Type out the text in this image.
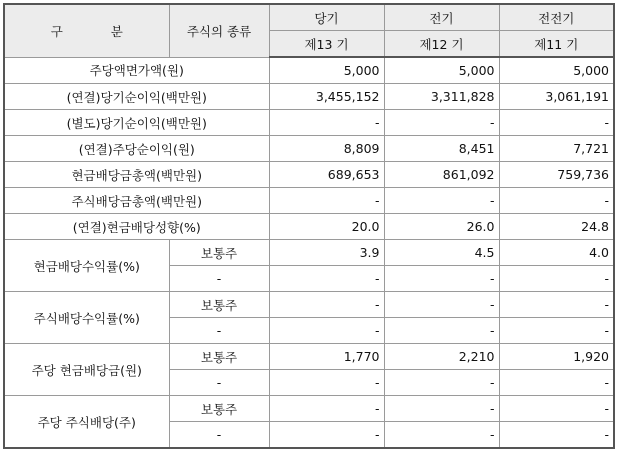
구 분	주식의 종류	당기	전기	전전기
		제13 기	제12 기	제11 기
주당액면가액(원)		5,000	5,000	5,000
(연결)당기순이익(백만원)		3,455,152	3,311,828	3,061,191
(별도)당기순이익(백만원)		-	-	-
(연결)주당순이익(원)		8,809	8,451	7,721
현금배당금총액(백만원)		689,653	861,092	759,736
주식배당금총액(백만원)		-	-	-
(연결)현금배당성향(%)		20.0	26.0	24.8
현금배당수익률(%)	보통주	3.9	4.5	4.0
	-	-	-	-
주식배당수익률(%)	보통주	-	-	-
	-	-	-	-
주당 현금배당금(원)	보통주	1,770	2,210	1,920
	-	-	-	-
주당 주식배당(주)	보통주	-	-	-
	-	-	-	-
